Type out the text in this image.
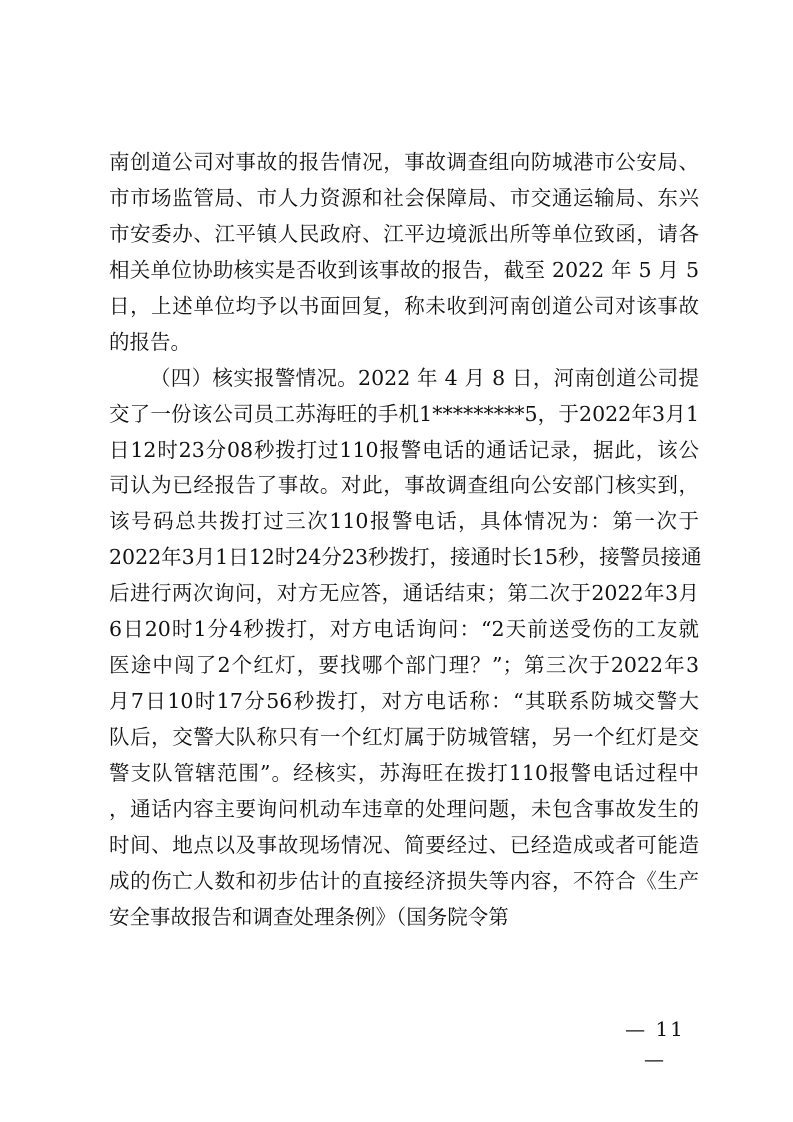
南创道公司对事故的报告情况，事故调查组向防城港市公安局、
市市场监管局、市人力资源和社会保障局、市交通运输局、东兴
市安委办、江平镇人民政府、江平边境派出所等单位致函，请各
相关单位协助核实是否收到该事故的报告，截至 2022 年 5 月 5
日，上述单位均予以书面回复，称未收到河南创道公司对该事故
的报告。
（四）核实报警情况。2022 年 4 月 8 日，河南创道公司提
交了一份该公司员工苏海旺的手机1*********5，于2022年3月1
日12时23分08秒拨打过110报警电话的通话记录，据此，该公
司认为已经报告了事故。对此，事故调查组向公安部门核实到，
该号码总共拨打过三次110报警电话，具体情况为：第一次于
2022年3月1日12时24分23秒拨打，接通时长15秒，接警员接通
后进行两次询问，对方无应答，通话结束；第二次于2022年3月
6日20时1分4秒拨打，对方电话询问：“2天前送受伤的工友就
医途中闯了2个红灯，要找哪个部门理？”；第三次于2022年3
月7日10时17分56秒拨打，对方电话称：“其联系防城交警大
队后，交警大队称只有一个红灯属于防城管辖，另一个红灯是交
警支队管辖范围”。经核实，苏海旺在拨打110报警电话过程中
，通话内容主要询问机动车违章的处理问题，未包含事故发生的
时间、地点以及事故现场情况、简要经过、已经造成或者可能造
成的伤亡人数和初步估计的直接经济损失等内容，不符合《生产
安全事故报告和调查处理条例》（国务院令第
— 11 —
